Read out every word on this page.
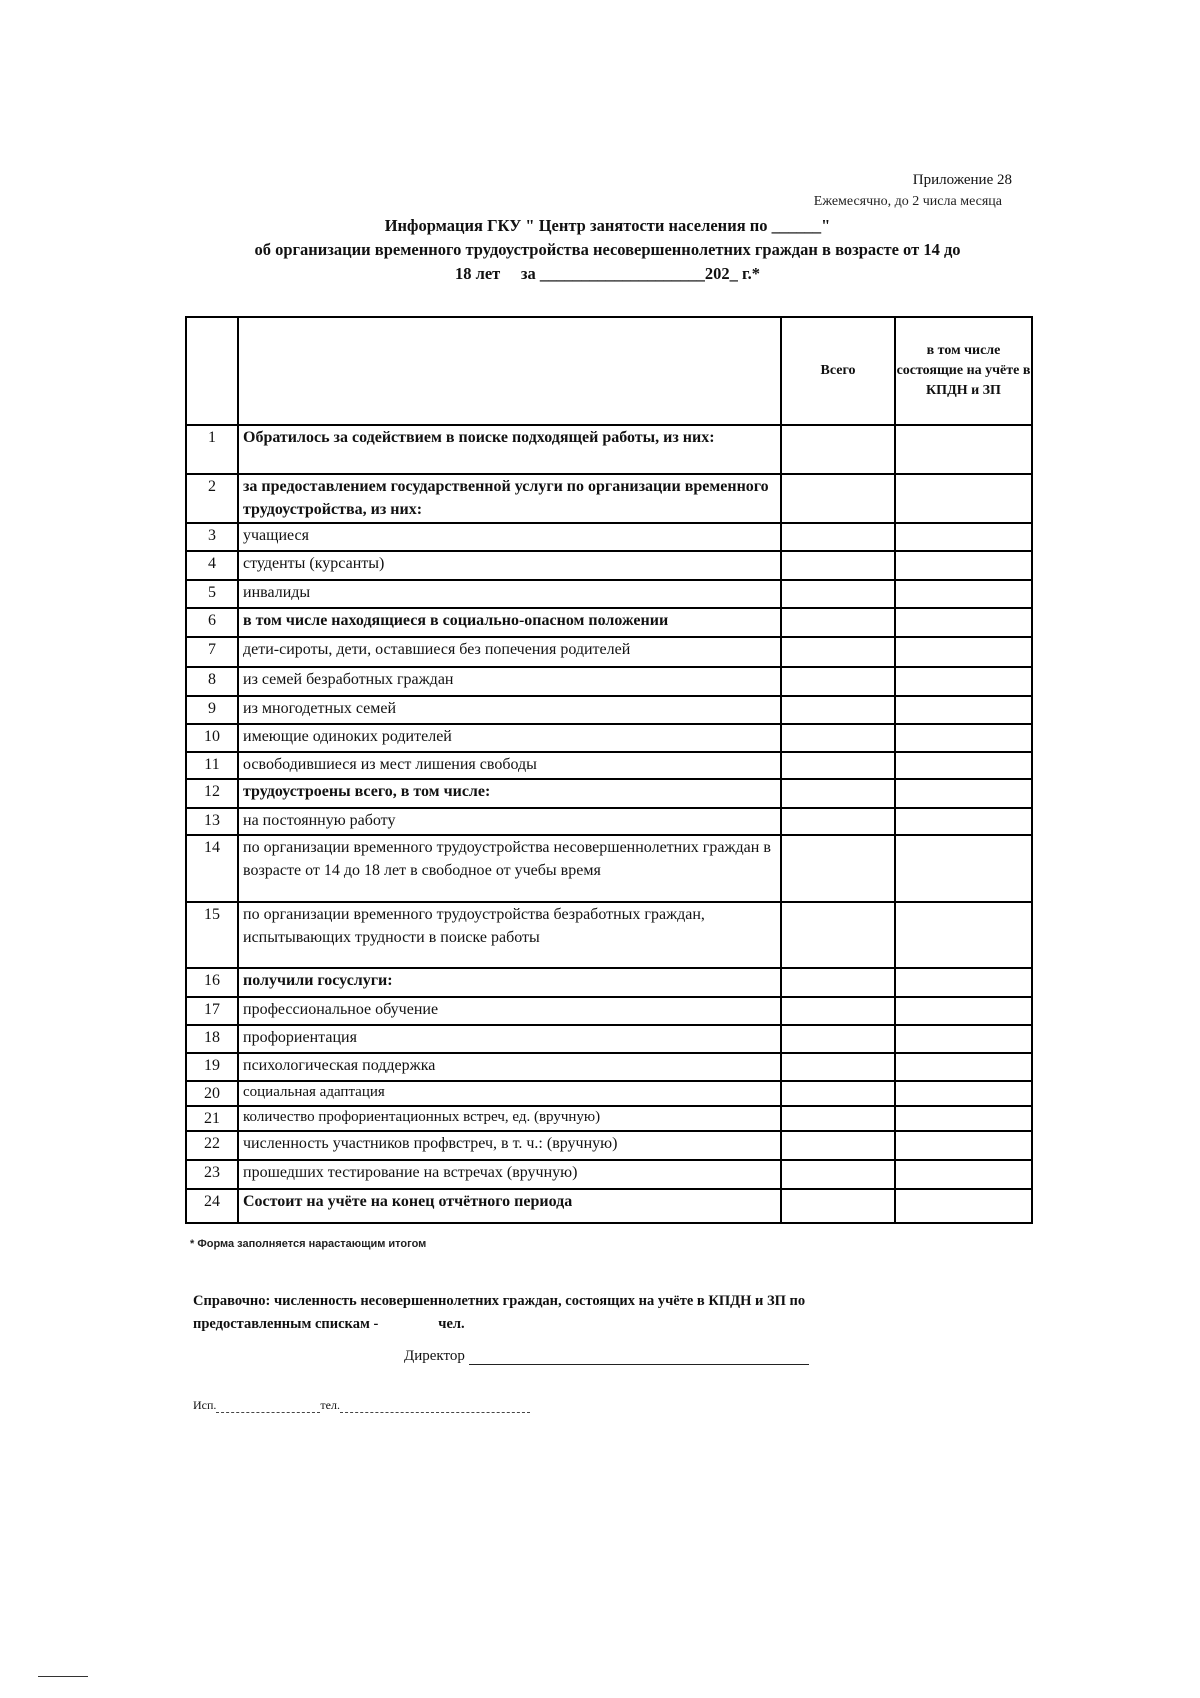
Приложение 28
Ежемесячно, до 2 числа месяца
Информация ГКУ " Центр занятости населения по ______"
об организации временного трудоустройства несовершеннолетних граждан в возрасте от 14 до
18 лет     за ____________________202_ г.*
		Всего	в том числе состоящие на учёте в КПДН и ЗП
1	Обратилось за содействием в поиске подходящей работы, из них:		
2	за предоставлением государственной услуги по организации временного трудоустройства, из них:		
3	учащиеся		
4	студенты (курсанты)		
5	инвалиды		
6	в том числе находящиеся в социально-опасном положении		
7	дети-сироты, дети, оставшиеся без попечения родителей		
8	из семей безработных граждан		
9	из многодетных семей		
10	имеющие одиноких родителей		
11	освободившиеся из мест лишения свободы		
12	трудоустроены всего, в том числе:		
13	на постоянную работу		
14	по организации временного трудоустройства несовершеннолетних граждан в возрасте от 14 до 18 лет в свободное от учебы время		
15	по организации временного трудоустройства безработных граждан, испытывающих трудности в поиске работы		
16	получили госуслуги:		
17	профессиональное обучение		
18	профориентация		
19	психологическая поддержка		
20	социальная адаптация		
21	количество профориентационных встреч, ед. (вручную)		
22	численность участников профвстреч, в т. ч.: (вручную)		
23	прошедших тестирование на встречах (вручную)		
24	Состоит на учёте на конец отчётного периода		
* Форма заполняется нарастающим итогом
Справочно: численность несовершеннолетних граждан, состоящих на учёте в КПДН и ЗП по
предоставленным спискам -	чел.
Директор
Исп.	тел.
